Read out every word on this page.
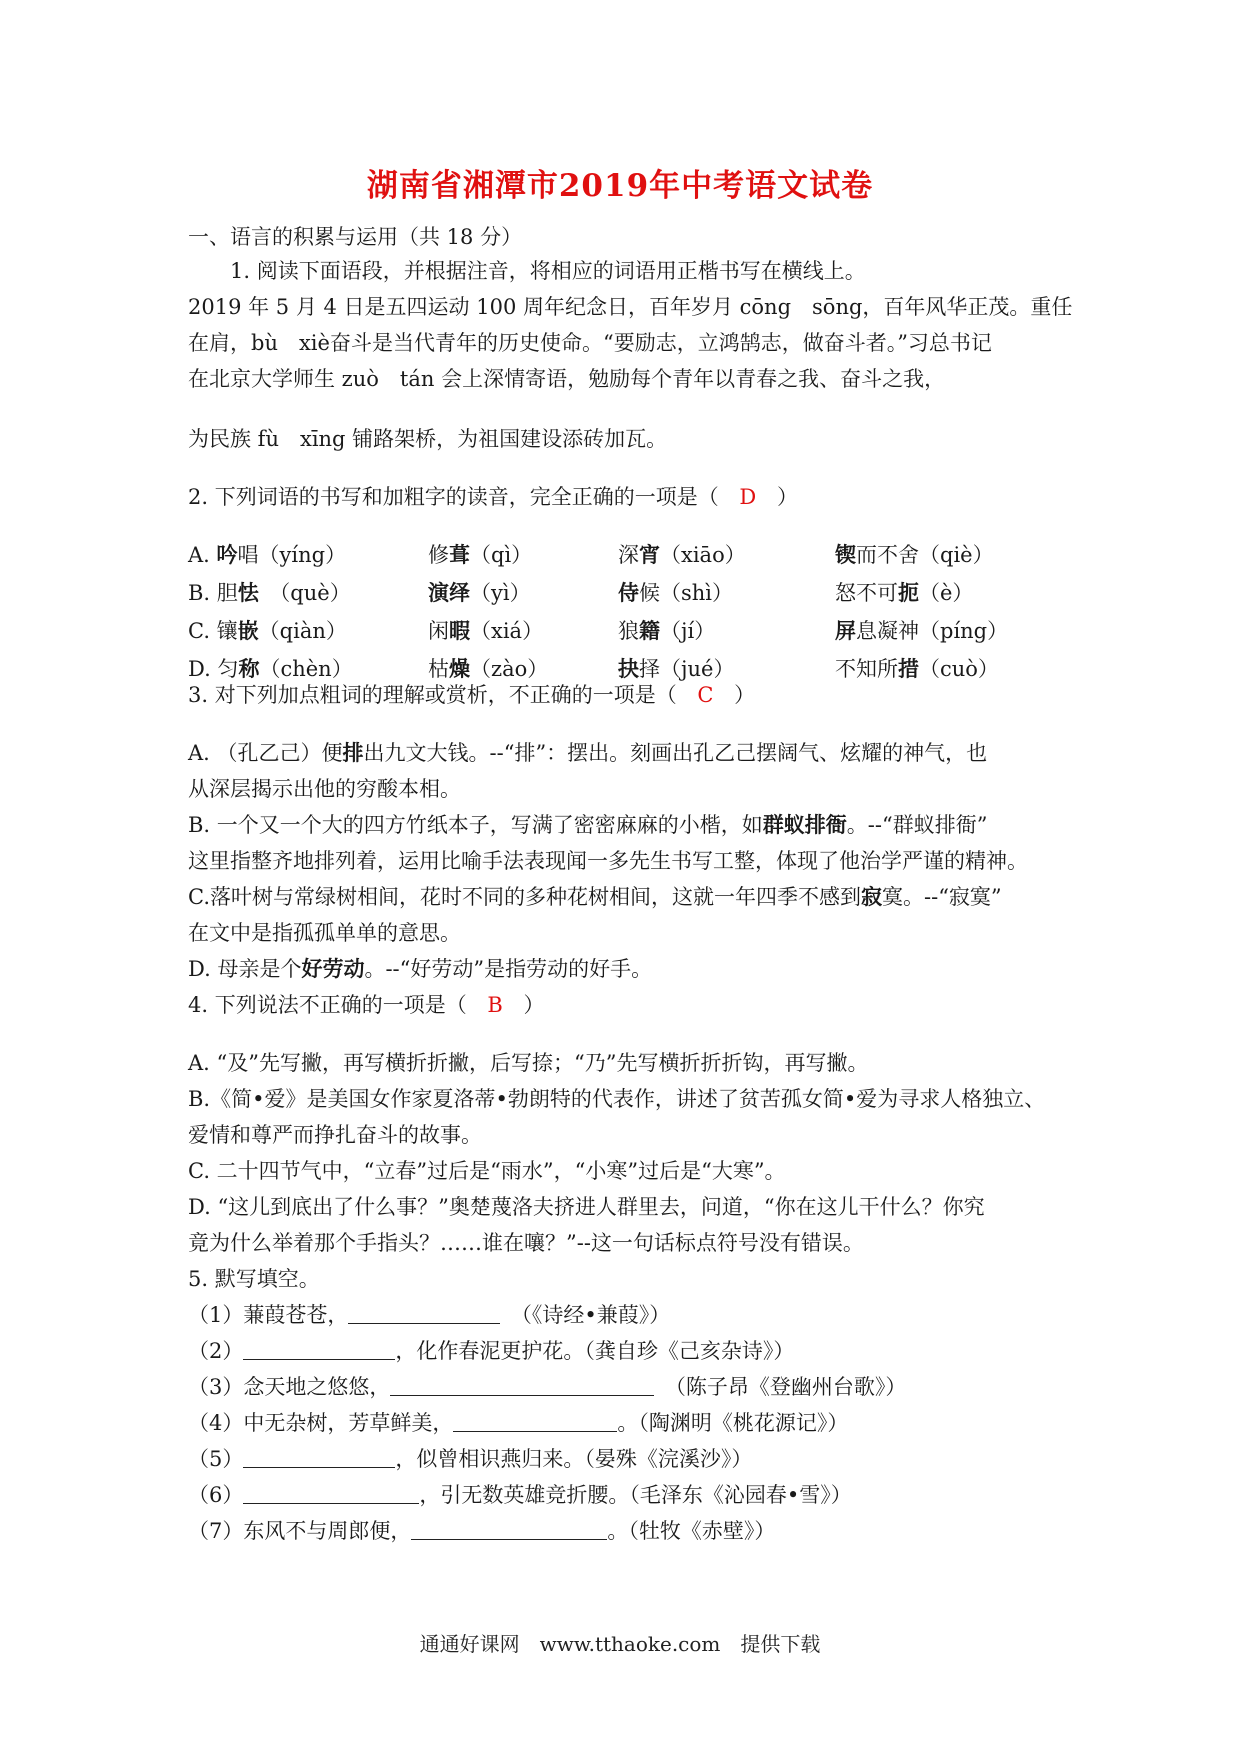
湖南省湘潭市2019年中考语文试卷
一、语言的积累与运用（共 18 分）
1. 阅读下面语段，并根据注音，将相应的词语用正楷书写在横线上。
2019 年 5 月 4 日是五四运动 100 周年纪念日，百年岁月 cōng　sōng，百年风华正茂。重任
在肩，bù　xiè奋斗是当代青年的历史使命。“要励志，立鸿鹄志，做奋斗者。”习总书记
在北京大学师生 zuò　tán 会上深情寄语，勉励每个青年以青春之我、奋斗之我，
为民族 fù　xīng 铺路架桥，为祖国建设添砖加瓦。
2. 下列词语的书写和加粗字的读音，完全正确的一项是（ D ）
A. 吟唱（yíng）	修葺（qì）	深宵（xiāo）	锲而不舍（qiè）
B. 胆怯　（què）	演绎（yì）	侍候（shì）	怒不可扼（è）
C. 镶嵌（qiàn）	闲暇（xiá）	狼籍（jí）	屏息凝神（píng）
D. 匀称（chèn）	枯燥（zào）	抉择（jué）	不知所措（cuò）
3. 对下列加点粗词的理解或赏析，不正确的一项是（ C ）
A. （孔乙己）便排出九文大钱。--“排”：摆出。刻画出孔乙己摆阔气、炫耀的神气，也
从深层揭示出他的穷酸本相。
B. 一个又一个大的四方竹纸本子，写满了密密麻麻的小楷，如群蚁排衙。--“群蚁排衙”
这里指整齐地排列着，运用比喻手法表现闻一多先生书写工整，体现了他治学严谨的精神。
C.落叶树与常绿树相间，花时不同的多种花树相间，这就一年四季不感到寂寞。--“寂寞”
在文中是指孤孤单单的意思。
D. 母亲是个好劳动。--“好劳动”是指劳动的好手。
4. 下列说法不正确的一项是（ B ）
A. “及”先写撇，再写横折折撇，后写捺；“乃”先写横折折折钩，再写撇。
B.《简•爱》是美国女作家夏洛蒂•勃朗特的代表作，讲述了贫苦孤女简•爱为寻求人格独立、
爱情和尊严而挣扎奋斗的故事。
C. 二十四节气中，“立春”过后是“雨水”，“小寒”过后是“大寒”。
D. “这儿到底出了什么事？”奥楚蔑洛夫挤进人群里去，问道，“你在这儿干什么？你究
竟为什么举着那个手指头？……谁在嚷？”--这一句话标点符号没有错误。
5. 默写填空。
（1）蒹葭苍苍，　	（《诗经•兼葭》）
（2）	，化作春泥更护花。（龚自珍《己亥杂诗》）
（3）念天地之悠悠，　	（陈子昂《登幽州台歌》）
（4）中无杂树，芳草鲜美，	。（陶渊明《桃花源记》）
（5）	，似曾相识燕归来。（晏殊《浣溪沙》）
（6）	，引无数英雄竞折腰。（毛泽东《沁园春•雪》）
（7）东风不与周郎便，	。（牡牧《赤壁》）
通通好课网　www.tthaoke.com　提供下载
